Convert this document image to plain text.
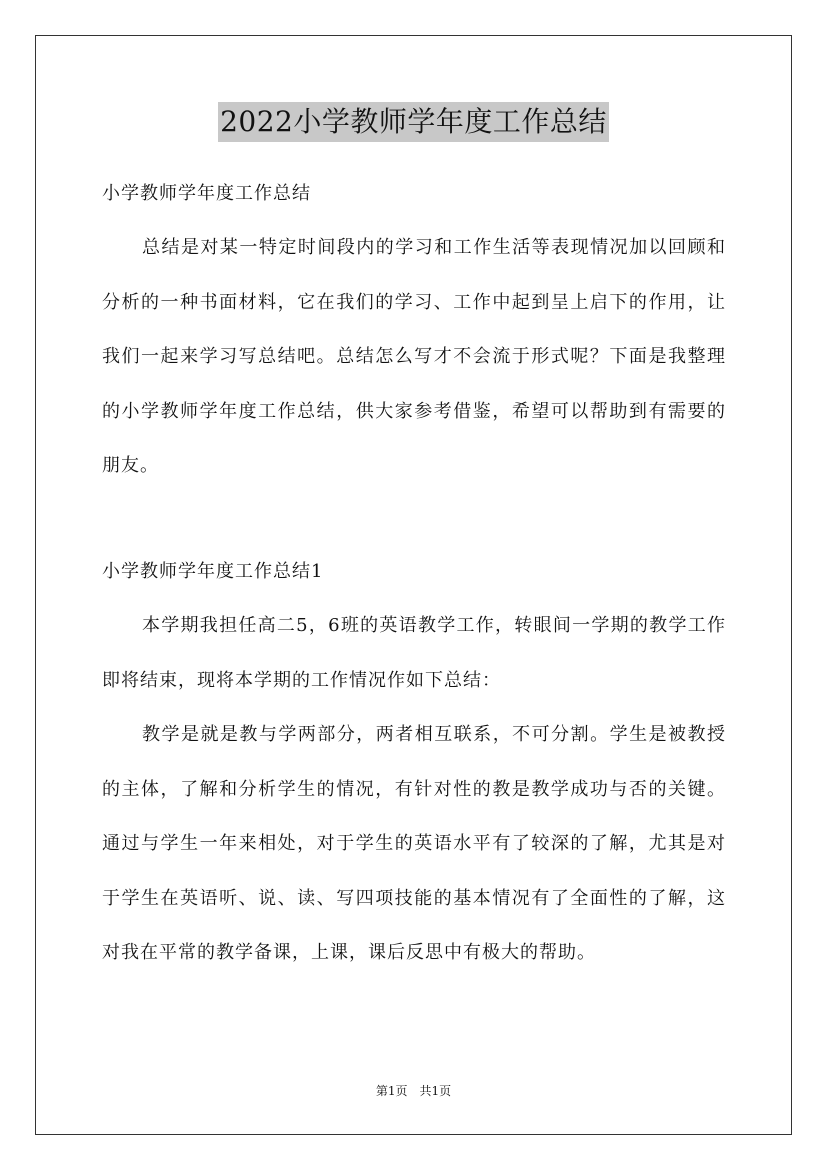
2022小学教师学年度工作总结

小学教师学年度工作总结

总结是对某一特定时间段内的学习和工作生活等表现情况加以回顾和分析的一种书面材料，它在我们的学习、工作中起到呈上启下的作用，让我们一起来学习写总结吧。总结怎么写才不会流于形式呢？下面是我整理的小学教师学年度工作总结，供大家参考借鉴，希望可以帮助到有需要的朋友。

小学教师学年度工作总结1

本学期我担任高二5，6班的英语教学工作，转眼间一学期的教学工作即将结束，现将本学期的工作情况作如下总结：

教学是就是教与学两部分，两者相互联系，不可分割。学生是被教授的主体，了解和分析学生的情况，有针对性的教是教学成功与否的关键。通过与学生一年来相处，对于学生的英语水平有了较深的了解，尤其是对于学生在英语听、说、读、写四项技能的基本情况有了全面性的了解，这对我在平常的教学备课，上课，课后反思中有极大的帮助。

第1页　共1页
